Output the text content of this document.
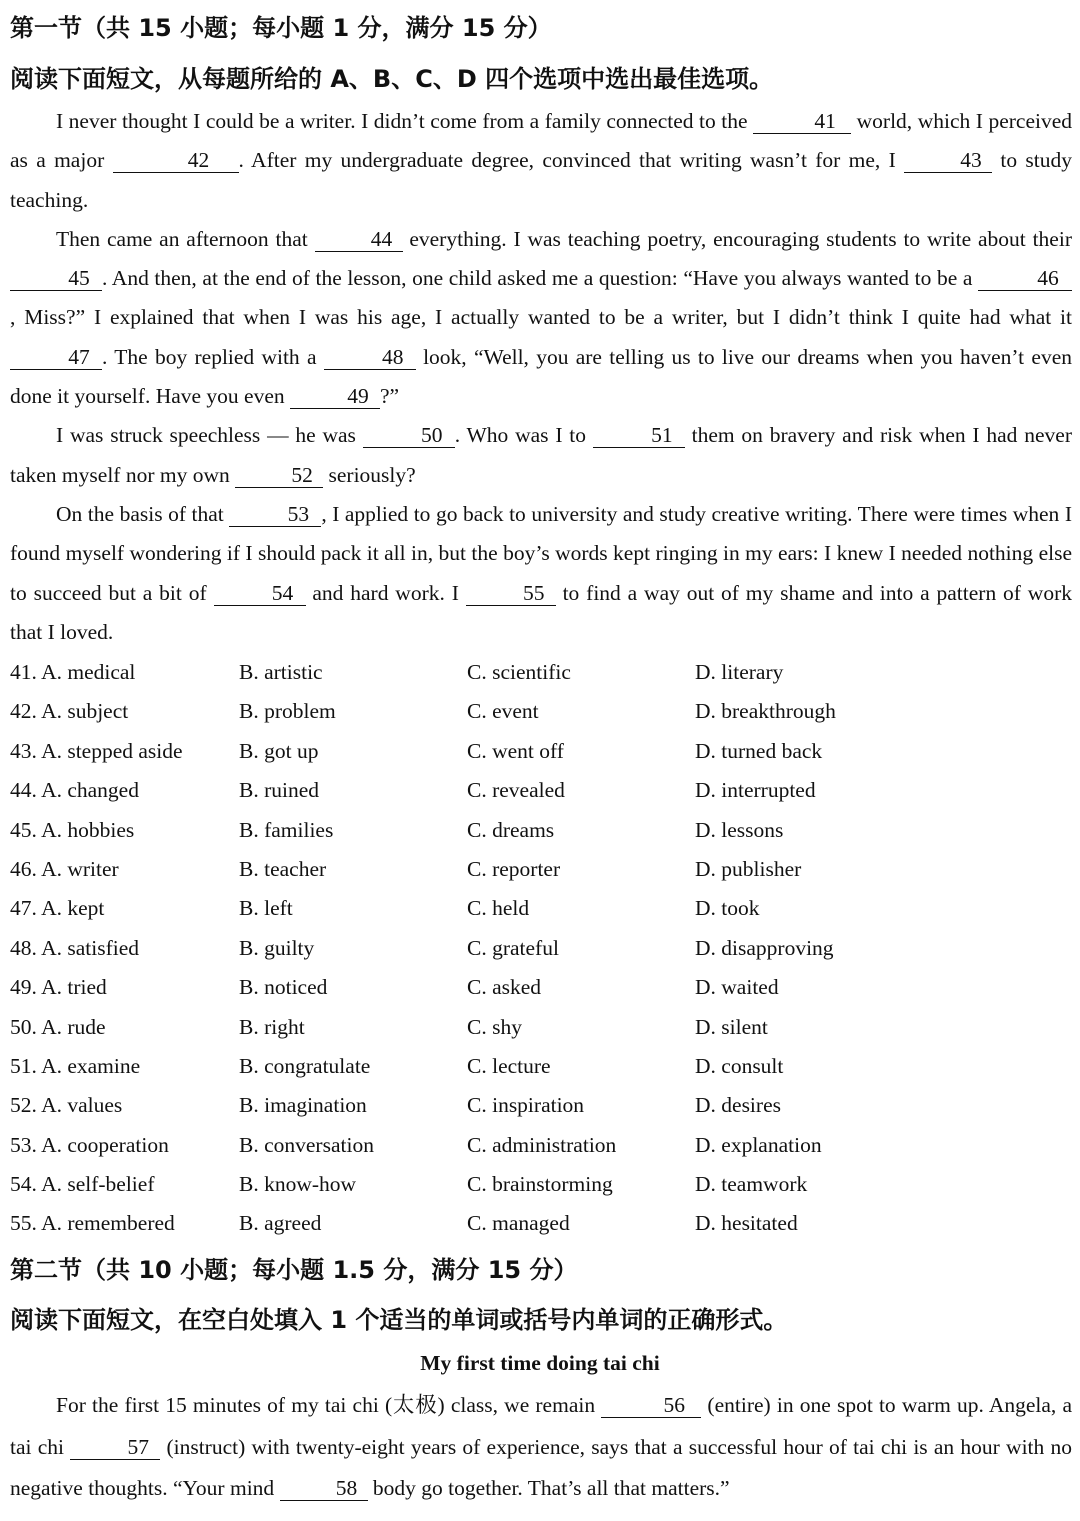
第一节（共 15 小题；每小题 1 分，满分 15 分）
阅读下面短文，从每题所给的 A、B、C、D 四个选项中选出最佳选项。

I never thought I could be a writer. I didn’t come from a family connected to the	41 world, which I perceived as a major	42 . After my undergraduate degree, convinced that writing wasn’t for me, I	43 to study teaching.

Then came an afternoon that	44 everything. I was teaching poetry, encouraging students to write about their 45 . And then, at the end of the lesson, one child asked me a question: “Have you always wanted to be a	46, Miss?” I explained that when I was his age, I actually wanted to be a writer, but I didn’t think I quite had what it 47 . The boy replied with a	48 look, “Well, you are telling us to live our dreams when you haven’t even done it yourself. Have you even	49 ?”

I was struck speechless — he was	50 . Who was I to	51 them on bravery and risk when I had never taken myself nor my own	52 seriously?

On the basis of that	53 , I applied to go back to university and study creative writing. There were times when I found myself wondering if I should pack it all in, but the boy’s words kept ringing in my ears: I knew I needed nothing else to succeed but a bit of	54 and hard work. I	55 to find a way out of my shame and into a pattern of work that I loved.

41. A. medical	B. artistic	C. scientific	D. literary
42. A. subject	B. problem	C. event	D. breakthrough
43. A. stepped aside	B. got up	C. went off	D. turned back
44. A. changed	B. ruined	C. revealed	D. interrupted
45. A. hobbies	B. families	C. dreams	D. lessons
46. A. writer	B. teacher	C. reporter	D. publisher
47. A. kept	B. left	C. held	D. took
48. A. satisfied	B. guilty	C. grateful	D. disapproving
49. A. tried	B. noticed	C. asked	D. waited
50. A. rude	B. right	C. shy	D. silent
51. A. examine	B. congratulate	C. lecture	D. consult
52. A. values	B. imagination	C. inspiration	D. desires
53. A. cooperation	B. conversation	C. administration	D. explanation
54. A. self-belief	B. know-how	C. brainstorming	D. teamwork
55. A. remembered	B. agreed	C. managed	D. hesitated
第二节（共 10 小题；每小题 1.5 分，满分 15 分）
阅读下面短文，在空白处填入 1 个适当的单词或括号内单词的正确形式。
My first time doing tai chi

For the first 15 minutes of my tai chi (太极) class, we remain	56 (entire) in one spot to warm up. Angela, a tai chi	57 (instruct) with twenty-eight years of experience, says that a successful hour of tai chi is an hour with no negative thoughts. “Your mind	58 body go together. That’s all that matters.”
